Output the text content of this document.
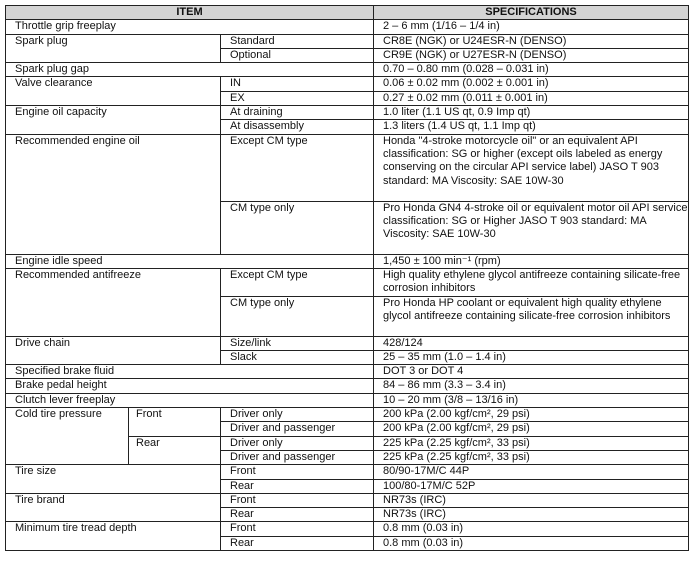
ITEM			SPECIFICATIONS
Throttle grip freeplay			2 – 6 mm (1/16 – 1/4 in)
Spark plug		Standard	CR8E (NGK) or U24ESR-N (DENSO)
		Optional	CR9E (NGK) or U27ESR-N (DENSO)
Spark plug gap			0.70 – 0.80 mm (0.028 – 0.031 in)
Valve clearance		IN	0.06 ± 0.02 mm (0.002 ± 0.001 in)
		EX	0.27 ± 0.02 mm (0.011 ± 0.001 in)
Engine oil capacity		At draining	1.0 liter (1.1 US qt, 0.9 Imp qt)
		At disassembly	1.3 liters (1.4 US qt, 1.1 Imp qt)
Recommended engine oil		Except CM type	Honda "4-stroke motorcycle oil" or an equivalent API classification: SG or higher (except oils labeled as energy conserving on the circular API service label) JASO T 903 standard: MA Viscosity: SAE 10W-30
		CM type only	Pro Honda GN4 4-stroke oil or equivalent motor oil API service classification: SG or Higher JASO T 903 standard: MA Viscosity: SAE 10W-30
Engine idle speed			1,450 ± 100 min⁻¹ (rpm)
Recommended antifreeze		Except CM type	High quality ethylene glycol antifreeze containing silicate-free corrosion inhibitors
		CM type only	Pro Honda HP coolant or equivalent high quality ethylene glycol antifreeze containing silicate-free corrosion inhibitors
Drive chain		Size/link	428/124
		Slack	25 – 35 mm (1.0 – 1.4 in)
Specified brake fluid			DOT 3 or DOT 4
Brake pedal height			84 – 86 mm (3.3 – 3.4 in)
Clutch lever freeplay			10 – 20 mm (3/8 – 13/16 in)
Cold tire pressure	Front	Driver only	200 kPa (2.00 kgf/cm², 29 psi)
		Driver and passenger	200 kPa (2.00 kgf/cm², 29 psi)
	Rear	Driver only	225 kPa (2.25 kgf/cm², 33 psi)
		Driver and passenger	225 kPa (2.25 kgf/cm², 33 psi)
Tire size		Front	80/90-17M/C 44P
		Rear	100/80-17M/C 52P
Tire brand		Front	NR73s (IRC)
		Rear	NR73s (IRC)
Minimum tire tread depth		Front	0.8 mm (0.03 in)
		Rear	0.8 mm (0.03 in)
